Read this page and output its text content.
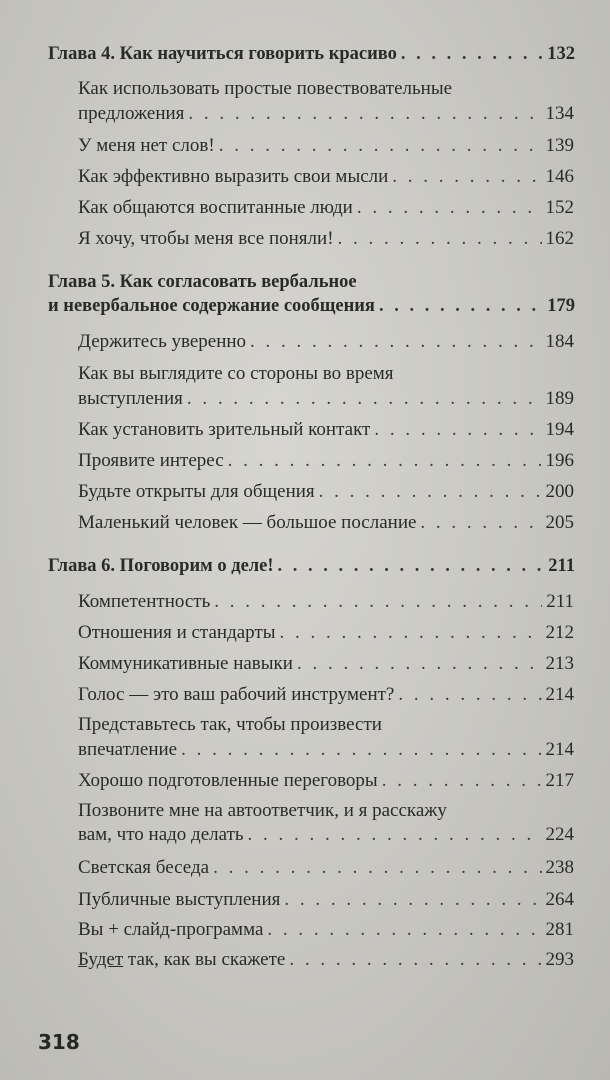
Глава 4. Как научиться говорить красиво . . .	132
Как использовать простые повествовательные
предложения . . .	134
У меня нет слов! . . .	139
Как эффективно выразить свои мысли . . .	146
Как общаются воспитанные люди . . .	152
Я хочу, чтобы меня все поняли! . . .	162
Глава 5. Как согласовать вербальное
и невербальное содержание сообщения . . .	179
Держитесь уверенно . . .	184
Как вы выглядите со стороны во время
выступления . . .	189
Как установить зрительный контакт . . .	194
Проявите интерес . . .	196
Будьте открыты для общения . . .	200
Маленький человек — большое послание . . .	205
Глава 6. Поговорим о деле! . . .	211
Компетентность . . .	211
Отношения и стандарты . . .	212
Коммуникативные навыки . . .	213
Голос — это ваш рабочий инструмент? . . .	214
Представьтесь так, чтобы произвести
впечатление . . .	214
Хорошо подготовленные переговоры . . .	217
Позвоните мне на автоответчик, и я расскажу
вам, что надо делать . . .	224
Светская беседа . . .	238
Публичные выступления . . .	264
Вы + слайд-программа . . .	281
Будет так, как вы скажете . . .	293
318
